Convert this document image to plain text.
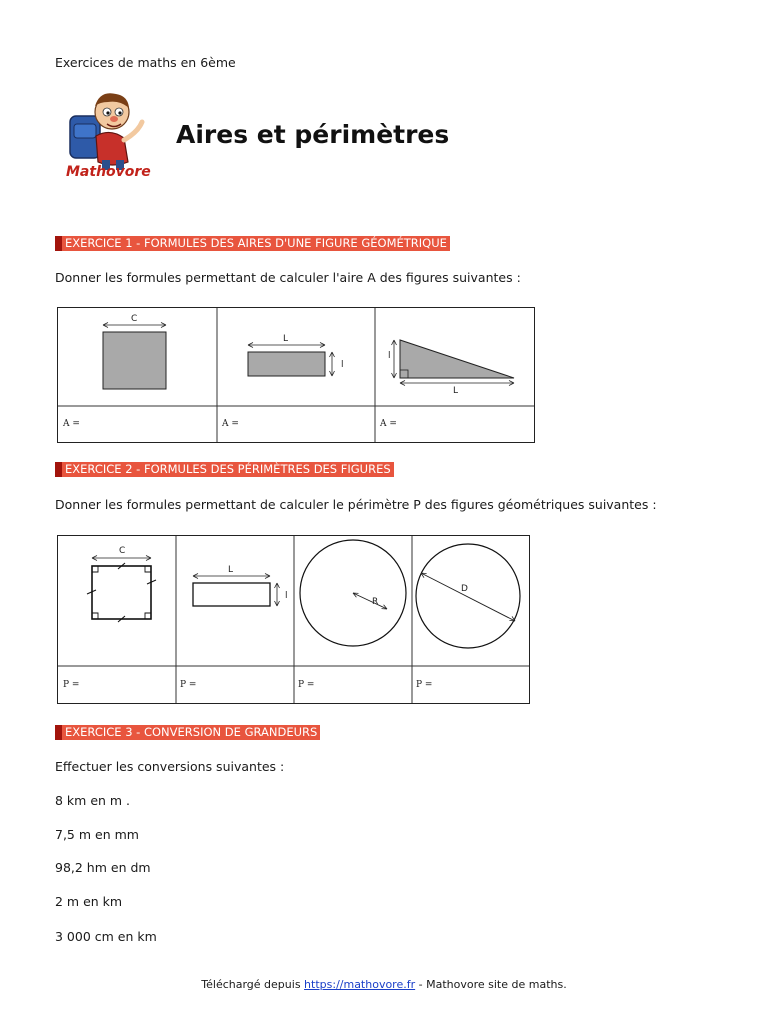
Exercices de maths en 6ème
Mathovore
Aires et périmètres
EXERCICE 1 - FORMULES DES AIRES D'UNE FIGURE GÉOMÉTRIQUE
Donner les formules permettant de calculer l'aire A des figures suivantes :
C
L
l
l
L
A =	A =	A =
EXERCICE 2 - FORMULES DES PÉRIMÈTRES DES FIGURES
Donner les formules permettant de calculer le périmètre P des figures géométriques suivantes :
C
L
l
R
D
P =	P =	P =	P =
EXERCICE 3 - CONVERSION DE GRANDEURS
Effectuer les conversions suivantes :
8 km en m .
7,5 m en mm
98,2 hm en dm
2 m en km
3 000 cm en km
Téléchargé depuis https://mathovore.fr - Mathovore site de maths.
